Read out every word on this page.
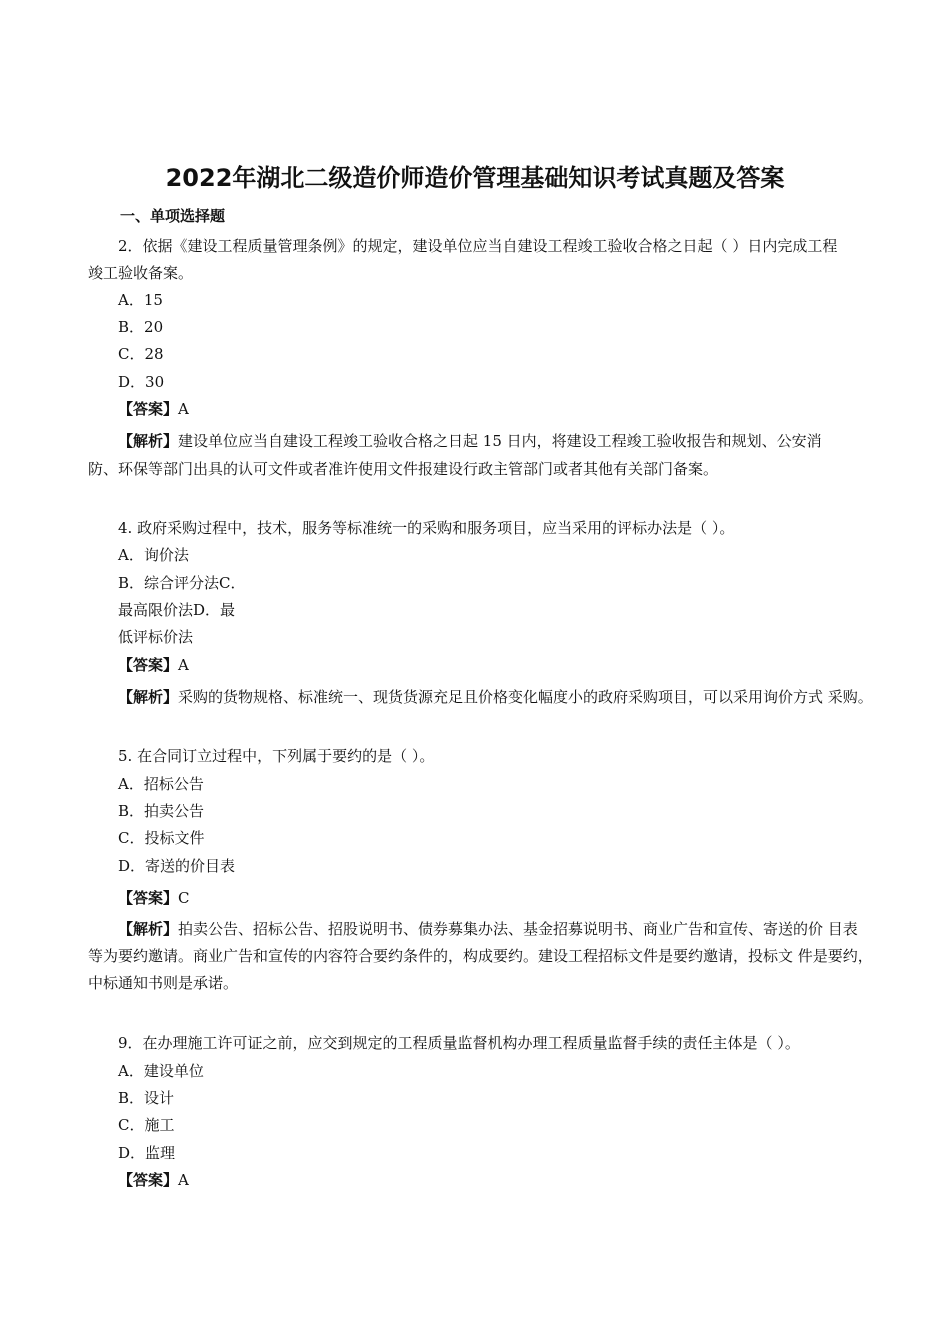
2022年湖北二级造价师造价管理基础知识考试真题及答案
一、单项选择题
2．依据《建设工程质量管理条例》的规定，建设单位应当自建设工程竣工验收合格之日起（ ）日内完成工程
竣工验收备案。
A．15
B．20
C．28
D．30
【答案】A
【解析】建设单位应当自建设工程竣工验收合格之日起 15 日内，将建设工程竣工验收报告和规划、公安消
防、环保等部门出具的认可文件或者准许使用文件报建设行政主管部门或者其他有关部门备案。
4. 政府采购过程中，技术，服务等标准统一的采购和服务项目，应当采用的评标办法是（ ）。
A．询价法
B．综合评分法C．
最高限价法D．最
低评标价法
【答案】A
【解析】采购的货物规格、标准统一、现货货源充足且价格变化幅度小的政府采购项目，可以采用询价方式 采购。
5. 在合同订立过程中，下列属于要约的是（ ）。
A．招标公告
B．拍卖公告
C．投标文件
D．寄送的价目表
【答案】C
【解析】拍卖公告、招标公告、招股说明书、债券募集办法、基金招募说明书、商业广告和宣传、寄送的价 目表
等为要约邀请。商业广告和宣传的内容符合要约条件的，构成要约。建设工程招标文件是要约邀请，投标文 件是要约，
中标通知书则是承诺。
9．在办理施工许可证之前，应交到规定的工程质量监督机构办理工程质量监督手续的责任主体是（ ）。
A．建设单位
B．设计
C．施工
D．监理
【答案】A
